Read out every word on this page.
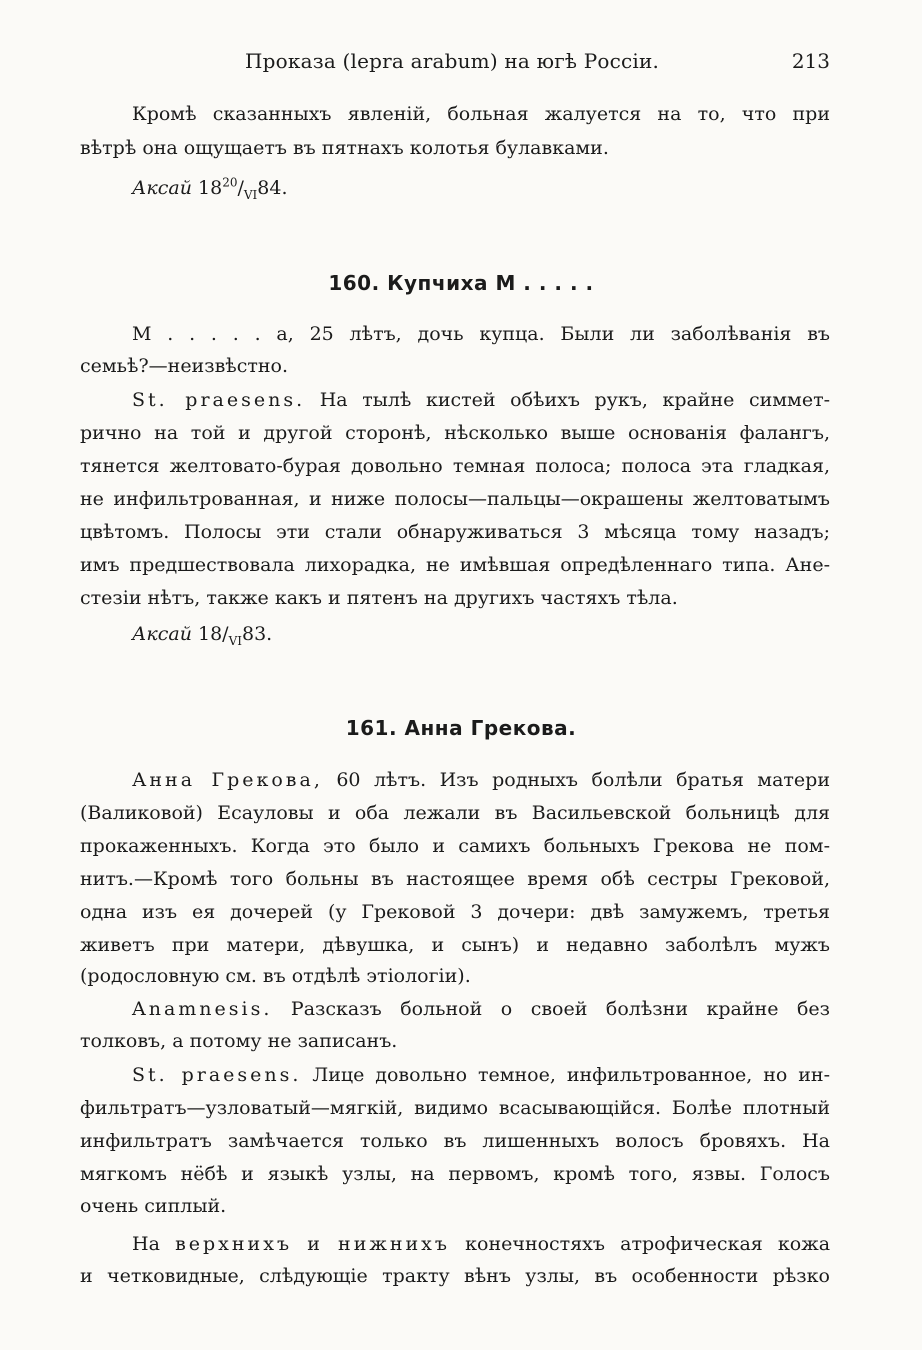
Проказа (lepra arabum) на югѣ Россіи.	213
Кромѣ сказанныхъ явленій, больная жалуется на то, что при
вѣтрѣ она ощущаетъ въ пятнахъ колотья булавками.
Аксай $18^{20}/_{VI}84$.
160. Купчиха М . . . . .
М . . . . . а, 25 лѣтъ, дочь купца. Были ли заболѣванія въ
семьѣ?—неизвѣстно.
St. praesens. На тылѣ кистей обѣихъ рукъ, крайне симмет-
рично на той и другой сторонѣ, нѣсколько выше основанія фалангъ,
тянется желтовато-бурая довольно темная полоса; полоса эта гладкая,
не инфильтрованная, и ниже полосы—пальцы—окрашены желтоватымъ
цвѣтомъ. Полосы эти стали обнаруживаться 3 мѣсяца тому назадъ;
имъ предшествовала лихорадка, не имѣвшая опредѣленнаго типа. Ане-
стезіи нѣтъ, также какъ и пятенъ на другихъ частяхъ тѣла.
Аксай $18/_{VI}83$.
161. Анна Грекова.
Анна Грекова, 60 лѣтъ. Изъ родныхъ болѣли братья матери
(Валиковой) Есауловы и оба лежали въ Васильевской больницѣ для
прокаженныхъ. Когда это было и самихъ больныхъ Грекова не пом-
нитъ.—Кромѣ того больны въ настоящее время обѣ сестры Грековой,
одна изъ ея дочерей (у Грековой 3 дочери: двѣ замужемъ, третья
живетъ при матери, дѣвушка, и сынъ) и недавно заболѣлъ мужъ
(родословную см. въ отдѣлѣ этіологіи).
Anamnesis. Разсказъ больной о своей болѣзни крайне без
толковъ, а потому не записанъ.
St. praesens. Лице довольно темное, инфильтрованное, но ин-
фильтратъ—узловатый—мягкій, видимо всасывающійся. Болѣе плотный
инфильтратъ замѣчается только въ лишенныхъ волосъ бровяхъ. На
мягкомъ нёбѣ и языкѣ узлы, на первомъ, кромѣ того, язвы. Голосъ
очень сиплый.
На верхнихъ и нижнихъ конечностяхъ атрофическая кожа
и четковидные, слѣдующіе тракту вѣнъ узлы, въ особенности рѣзко
